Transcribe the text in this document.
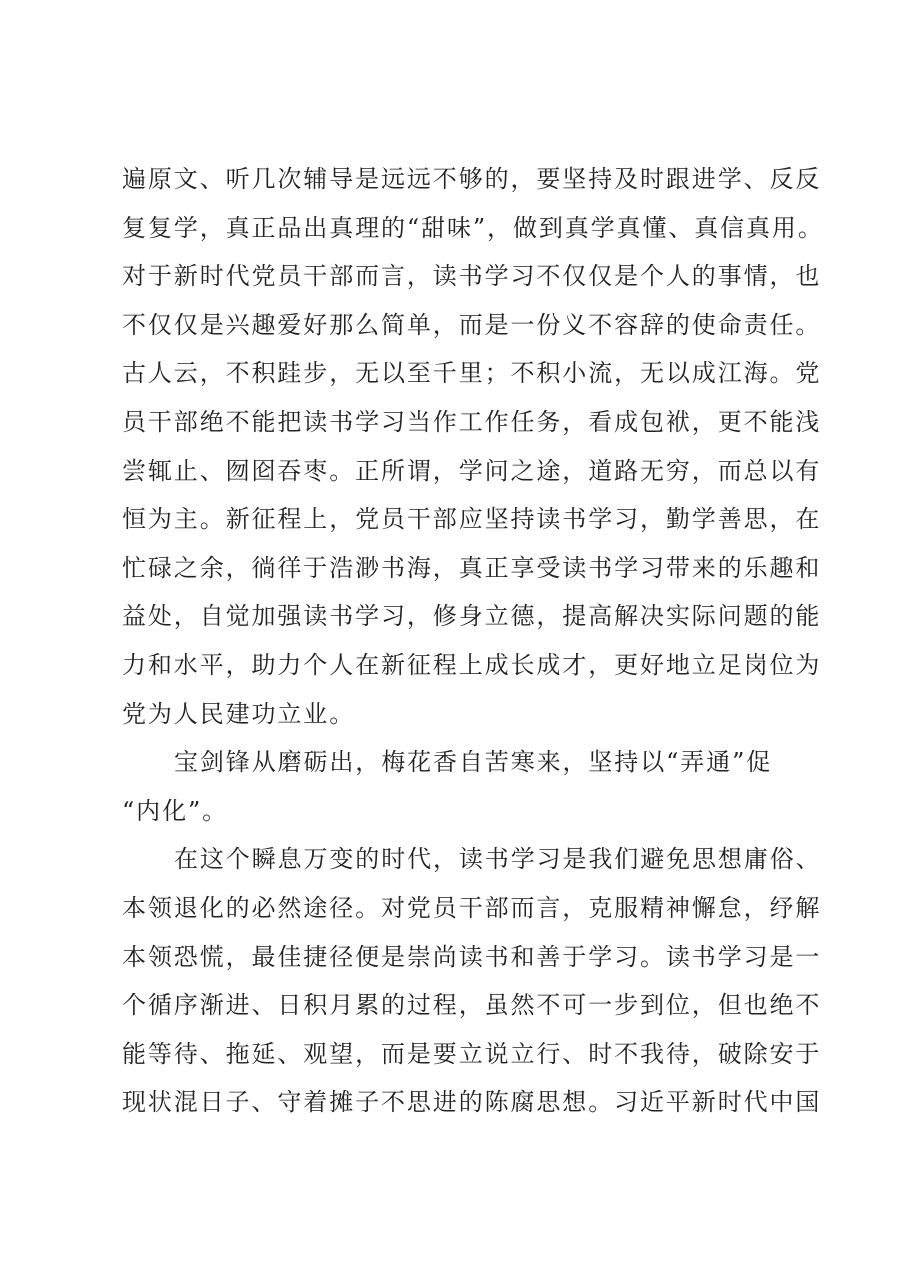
遍原文、听几次辅导是远远不够的，要坚持及时跟进学、反反
复复学，真正品出真理的“甜味”，做到真学真懂、真信真用。
对于新时代党员干部而言，读书学习不仅仅是个人的事情，也
不仅仅是兴趣爱好那么简单，而是一份义不容辞的使命责任。
古人云，不积跬步，无以至千里；不积小流，无以成江海。党
员干部绝不能把读书学习当作工作任务，看成包袱，更不能浅
尝辄止、囫囵吞枣。正所谓，学问之途，道路无穷，而总以有
恒为主。新征程上，党员干部应坚持读书学习，勤学善思，在
忙碌之余，徜徉于浩渺书海，真正享受读书学习带来的乐趣和
益处，自觉加强读书学习，修身立德，提高解决实际问题的能
力和水平，助力个人在新征程上成长成才，更好地立足岗位为
党为人民建功立业。
宝剑锋从磨砺出，梅花香自苦寒来，坚持以“弄通”促
“内化”。
在这个瞬息万变的时代，读书学习是我们避免思想庸俗、
本领退化的必然途径。对党员干部而言，克服精神懈怠，纾解
本领恐慌，最佳捷径便是崇尚读书和善于学习。读书学习是一
个循序渐进、日积月累的过程，虽然不可一步到位，但也绝不
能等待、拖延、观望，而是要立说立行、时不我待，破除安于
现状混日子、守着摊子不思进的陈腐思想。习近平新时代中国
